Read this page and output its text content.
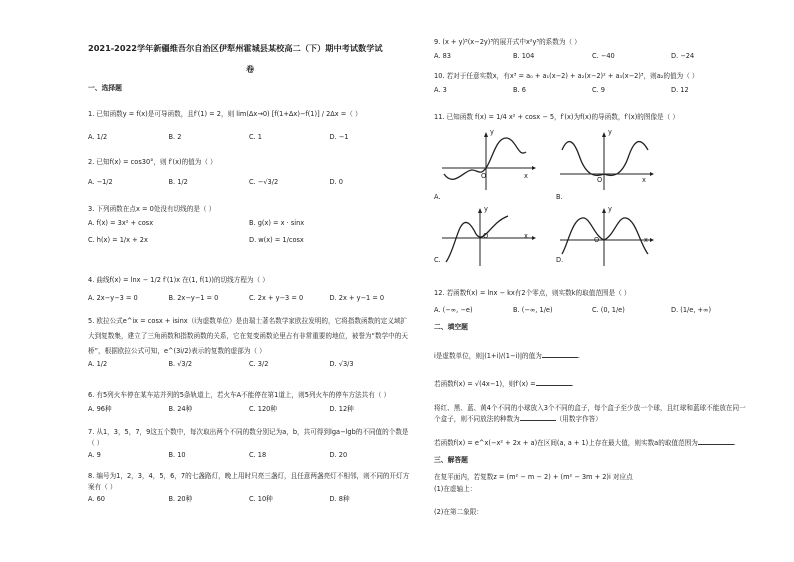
2021-2022学年新疆维吾尔自治区伊犁州霍城县某校高二（下）期中考试数学试
卷
一、选择题
1. 已知函数y = f(x)是可导函数，且f′(1) = 2，则 lim(Δx→0) [f(1+Δx)−f(1)] / 2Δx =（ ）
A. 1/2	B. 2	C. 1	D. −1
2. 已知f(x) = cos30°，则 f′(x)的值为（ ）
A. −1/2	B. 1/2	C. −√3/2	D. 0
3. 下列函数在点x = 0处没有切线的是（ ）
A. f(x) = 3x² + cosx	B. g(x) = x · sinx
C. h(x) = 1/x + 2x	D. w(x) = 1/cosx
4. 曲线f(x) = lnx − 1/2 f′(1)x 在(1, f(1))的切线方程为（ ）
A. 2x−y−3 = 0	B. 2x−y−1 = 0	C. 2x + y−3 = 0	D. 2x + y−1 = 0
5. 欧拉公式e^ix = cosx + isinx（i为虚数单位）是由瑞士著名数学家欧拉发明的，它将指数函数的定义域扩大到复数集，建立了三角函数和指数函数的关系，它在复变函数论里占有非常重要的地位，被誉为“数学中的天桥”，根据欧拉公式可知，e^(3i/2)表示的复数的虚部为（ ）
A. 1/2	B. √3/2	C. 3/2	D. √3/3
6. 有5列火车停在某车站并列的5条轨道上，若火车A不能停在第1道上，则5列火车的停车方法共有（ ）
A. 96种	B. 24种	C. 120种	D. 12种
7. 从1，3，5，7，9这五个数中，每次取出两个不同的数分别记为a，b，共可得到lga−lgb的不同值的个数是（ ）
A. 9	B. 10	C. 18	D. 20
8. 编号为1，2，3，4，5，6，7的七盏路灯，晚上用时只亮三盏灯，且任意两盏亮灯不相邻，则不同的开灯方案有（ ）
A. 60	B. 20种	C. 10种	D. 8种
9. (x + y)⁵(x−2y)³的展开式中x²y³的系数为（ ）
A. 83	B. 104	C. −40	D. −24
10. 若对于任意实数x，有x³ = a₀ + a₁(x−2) + a₂(x−2)² + a₃(x−2)³，则a₂的值为（ ）
A. 3	B. 6	C. 9	D. 12
11. 已知函数 f(x) = 1/4 x² + cosx − 5，f′(x)为f(x)的导函数，f′(x)的图像是（ ）
y
x
O
A.
y
x
O
B.
y
x
O
C.
y
x
O
D.
12. 若函数f(x) = lnx − kx有2个零点，则实数k的取值范围是（ ）
A. (−∞, −e)	B. (−∞, 1/e)	C. (0, 1/e)	D. (1/e, +∞)
二、填空题
i是虚数单位，则|(1+i)/(1−i)|的值为	.
若函数f(x) = √(4x−1)，则f′(x) =	.
将红、黑、蓝、黄4个不同的小球放入3个不同的盒子，每个盒子至少放一个球，且红球和蓝球不能放在同一个盒子，则不同放法的种数为	（用数字作答）
若函数f(x) = e^x(−x² + 2x + a)在区间(a, a + 1)上存在最大值，则实数a的取值范围为	.
三、解答题
在复平面内，若复数z = (m² − m − 2) + (m² − 3m + 2)i 对应点
(1)在虚轴上：
(2)在第二象限：
